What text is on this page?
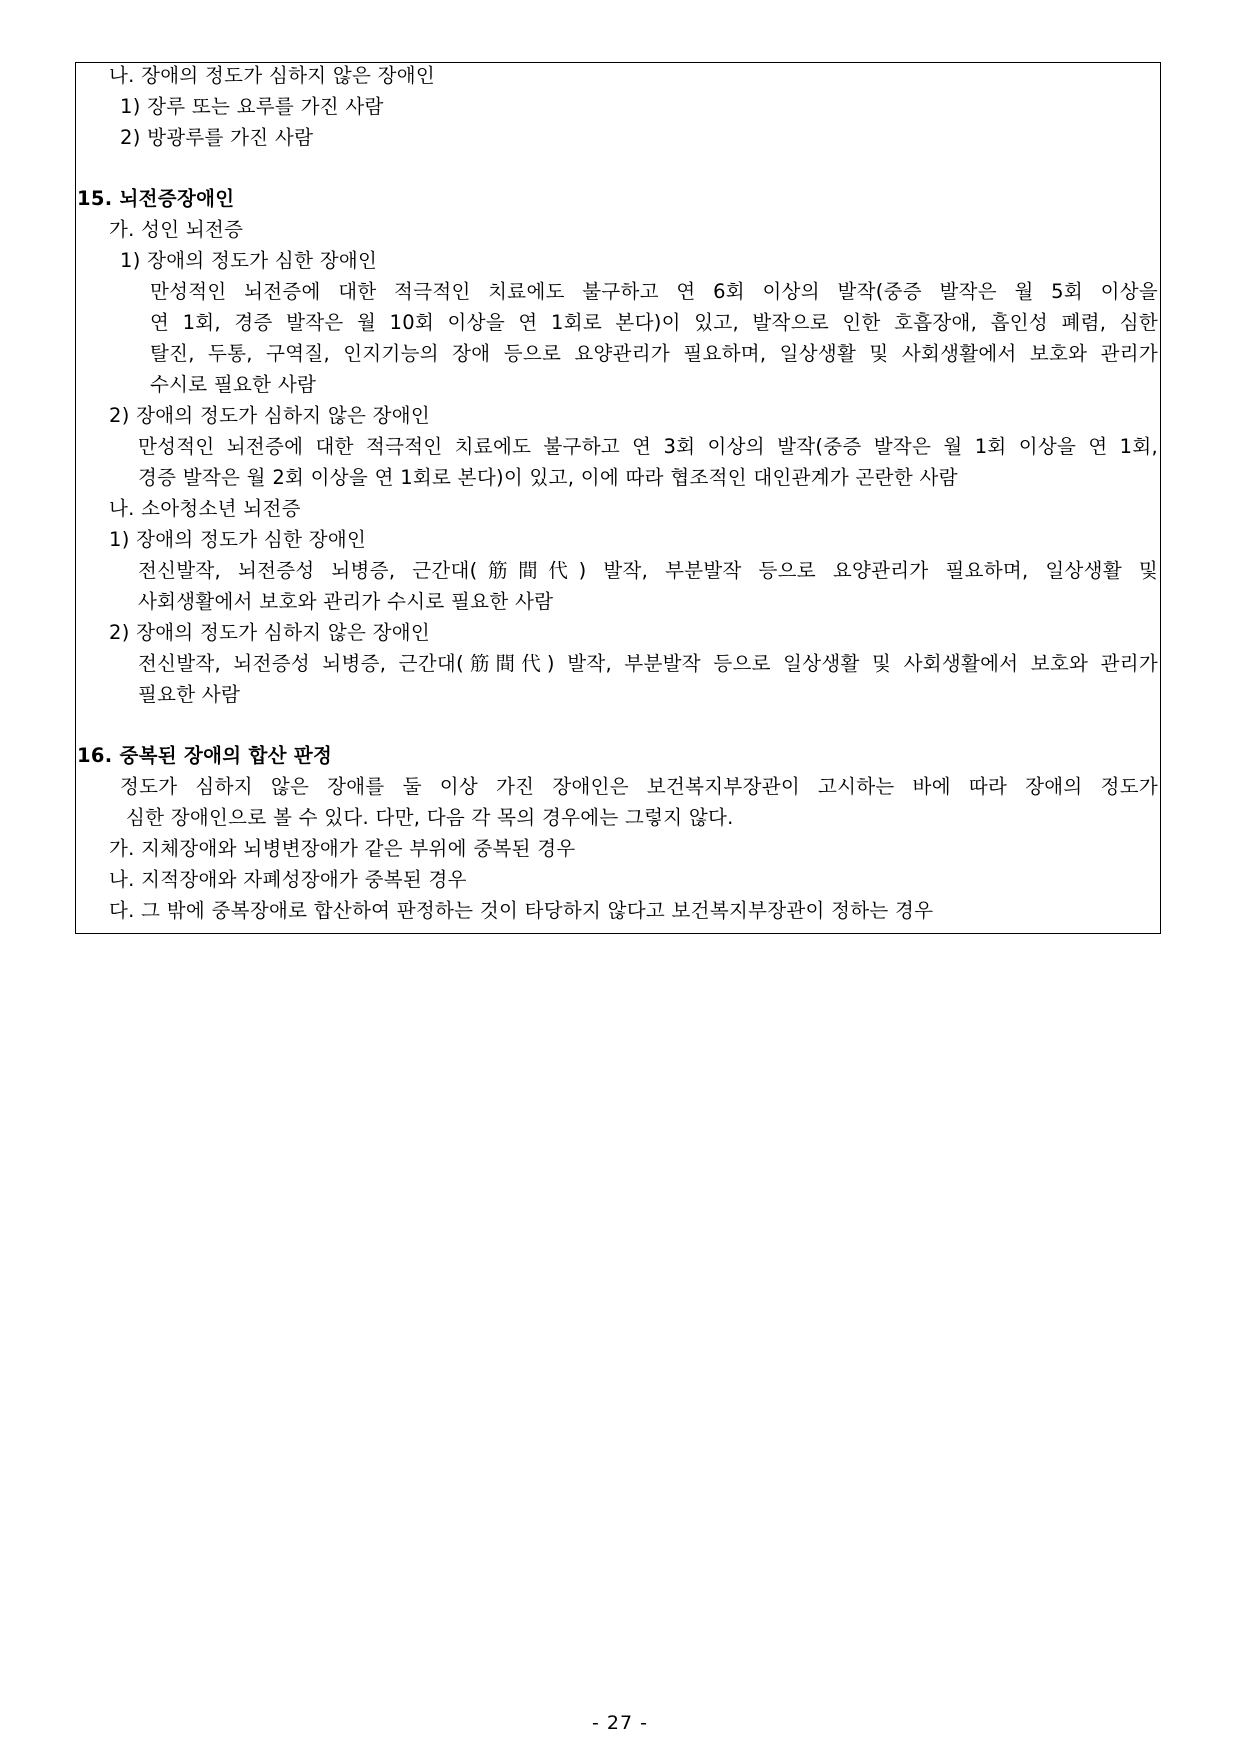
나. 장애의 정도가 심하지 않은 장애인
1) 장루 또는 요루를 가진 사람
2) 방광루를 가진 사람
15. 뇌전증장애인
가. 성인 뇌전증
1) 장애의 정도가 심한 장애인
만성적인 뇌전증에 대한 적극적인 치료에도 불구하고 연 6회 이상의 발작(중증 발작은 월 5회 이상을
연 1회, 경증 발작은 월 10회 이상을 연 1회로 본다)이 있고, 발작으로 인한 호흡장애, 흡인성 폐렴, 심한
탈진, 두통, 구역질, 인지기능의 장애 등으로 요양관리가 필요하며, 일상생활 및 사회생활에서 보호와 관리가
수시로 필요한 사람
2) 장애의 정도가 심하지 않은 장애인
만성적인 뇌전증에 대한 적극적인 치료에도 불구하고 연 3회 이상의 발작(중증 발작은 월 1회 이상을 연 1회,
경증 발작은 월 2회 이상을 연 1회로 본다)이 있고, 이에 따라 협조적인 대인관계가 곤란한 사람
나. 소아청소년 뇌전증
1) 장애의 정도가 심한 장애인
전신발작, 뇌전증성 뇌병증, 근간대(筋間代) 발작, 부분발작 등으로 요양관리가 필요하며, 일상생활 및
사회생활에서 보호와 관리가 수시로 필요한 사람
2) 장애의 정도가 심하지 않은 장애인
전신발작, 뇌전증성 뇌병증, 근간대(筋間代) 발작, 부분발작 등으로 일상생활 및 사회생활에서 보호와 관리가
필요한 사람
16. 중복된 장애의 합산 판정
정도가 심하지 않은 장애를 둘 이상 가진 장애인은 보건복지부장관이 고시하는 바에 따라 장애의 정도가
심한 장애인으로 볼 수 있다. 다만, 다음 각 목의 경우에는 그렇지 않다.
가. 지체장애와 뇌병변장애가 같은 부위에 중복된 경우
나. 지적장애와 자폐성장애가 중복된 경우
다. 그 밖에 중복장애로 합산하여 판정하는 것이 타당하지 않다고 보건복지부장관이 정하는 경우
- 27 -
